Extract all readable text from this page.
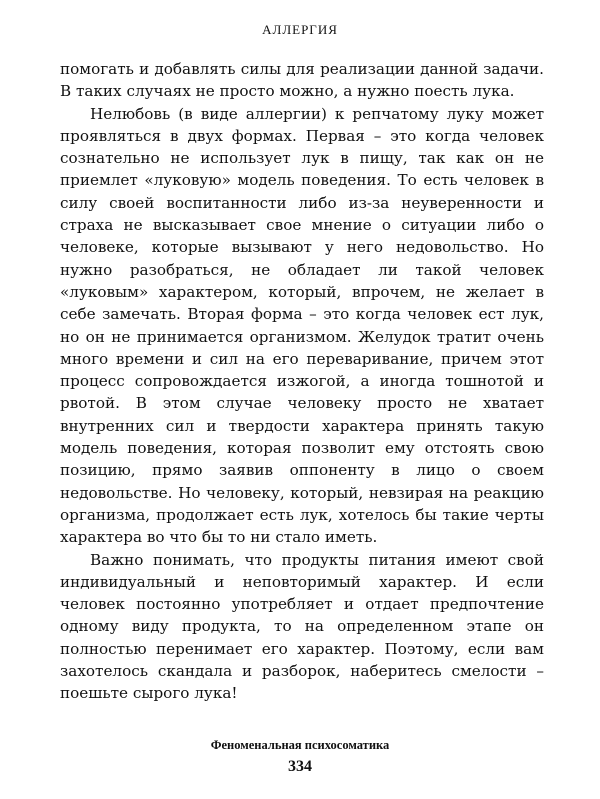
АЛЛЕРГИЯ

помогать и добавлять силы для реализации данной задачи. В таких случаях не просто можно, а нужно поесть лука.

Нелюбовь (в виде аллергии) к репчатому луку может проявляться в двух формах. Первая – это когда человек сознательно не использует лук в пищу, так как он не приемлет «луковую» модель поведения. То есть человек в силу своей воспитанности либо из-за неуверенности и страха не высказывает свое мнение о ситуации либо о человеке, которые вызывают у него недовольство. Но нужно разобраться, не обладает ли такой человек «луковым» характером, который, впрочем, не желает в себе замечать. Вторая форма – это когда человек ест лук, но он не принимается организмом. Желудок тратит очень много времени и сил на его переваривание, причем этот процесс сопровождается изжогой, а иногда тошнотой и рвотой. В этом случае человеку просто не хватает внутренних сил и твердости характера принять такую модель поведения, которая позволит ему отстоять свою позицию, прямо заявив оппоненту в лицо о своем недовольстве. Но человеку, который, невзирая на реакцию организма, продолжает есть лук, хотелось бы такие черты характера во что бы то ни стало иметь.

Важно понимать, что продукты питания имеют свой индивидуальный и неповторимый характер. И если человек постоянно употребляет и отдает предпочтение одному виду продукта, то на определенном этапе он полностью перенимает его характер. Поэтому, если вам захотелось скандала и разборок, наберитесь смелости – поешьте сырого лука!

Феноменальная психосоматика
334
